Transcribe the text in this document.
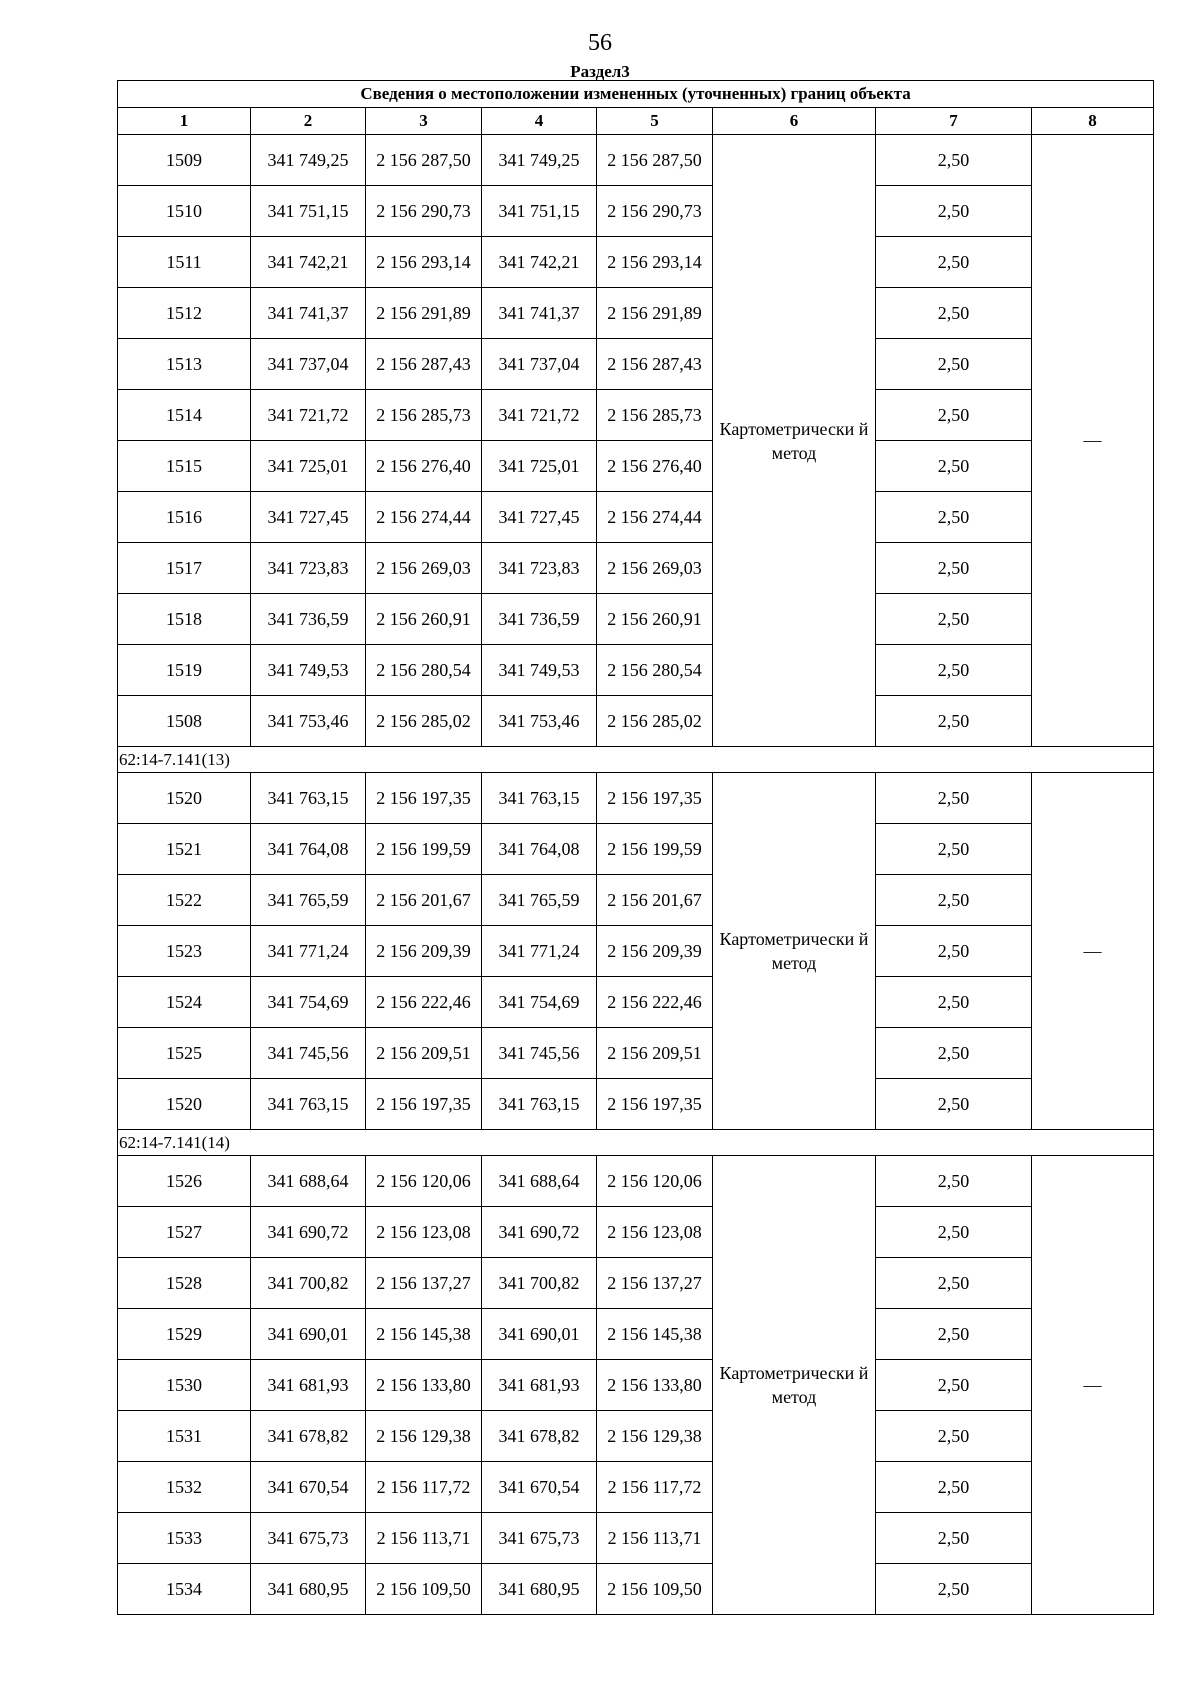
56
Раздел3
Сведения о местоположении измененных (уточненных) границ объекта							
1	2	3	4	5	6	7	8
1509	341 749,25	2 156 287,50	341 749,25	2 156 287,50	Картометрически й метод	2,50	—
1510	341 751,15	2 156 290,73	341 751,15	2 156 290,73		2,50	
1511	341 742,21	2 156 293,14	341 742,21	2 156 293,14		2,50	
1512	341 741,37	2 156 291,89	341 741,37	2 156 291,89		2,50	
1513	341 737,04	2 156 287,43	341 737,04	2 156 287,43		2,50	
1514	341 721,72	2 156 285,73	341 721,72	2 156 285,73		2,50	
1515	341 725,01	2 156 276,40	341 725,01	2 156 276,40		2,50	
1516	341 727,45	2 156 274,44	341 727,45	2 156 274,44		2,50	
1517	341 723,83	2 156 269,03	341 723,83	2 156 269,03		2,50	
1518	341 736,59	2 156 260,91	341 736,59	2 156 260,91		2,50	
1519	341 749,53	2 156 280,54	341 749,53	2 156 280,54		2,50	
1508	341 753,46	2 156 285,02	341 753,46	2 156 285,02		2,50	
62:14-7.141(13)							
1520	341 763,15	2 156 197,35	341 763,15	2 156 197,35	Картометрически й метод	2,50	—
1521	341 764,08	2 156 199,59	341 764,08	2 156 199,59		2,50	
1522	341 765,59	2 156 201,67	341 765,59	2 156 201,67		2,50	
1523	341 771,24	2 156 209,39	341 771,24	2 156 209,39		2,50	
1524	341 754,69	2 156 222,46	341 754,69	2 156 222,46		2,50	
1525	341 745,56	2 156 209,51	341 745,56	2 156 209,51		2,50	
1520	341 763,15	2 156 197,35	341 763,15	2 156 197,35		2,50	
62:14-7.141(14)							
1526	341 688,64	2 156 120,06	341 688,64	2 156 120,06	Картометрически й метод	2,50	—
1527	341 690,72	2 156 123,08	341 690,72	2 156 123,08		2,50	
1528	341 700,82	2 156 137,27	341 700,82	2 156 137,27		2,50	
1529	341 690,01	2 156 145,38	341 690,01	2 156 145,38		2,50	
1530	341 681,93	2 156 133,80	341 681,93	2 156 133,80		2,50	
1531	341 678,82	2 156 129,38	341 678,82	2 156 129,38		2,50	
1532	341 670,54	2 156 117,72	341 670,54	2 156 117,72		2,50	
1533	341 675,73	2 156 113,71	341 675,73	2 156 113,71		2,50	
1534	341 680,95	2 156 109,50	341 680,95	2 156 109,50		2,50	
